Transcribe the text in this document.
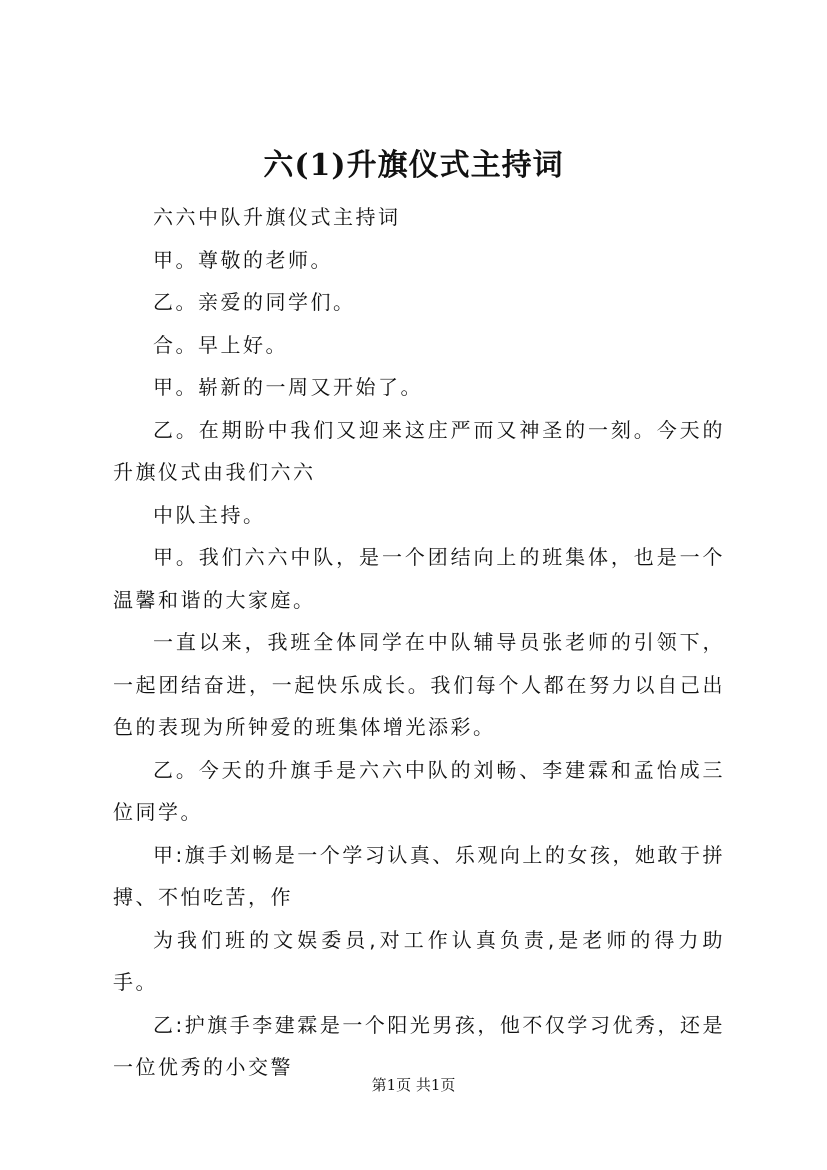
六(1)升旗仪式主持词

六六中队升旗仪式主持词

甲。尊敬的老师。

乙。亲爱的同学们。

合。早上好。

甲。崭新的一周又开始了。

乙。在期盼中我们又迎来这庄严而又神圣的一刻。今天的升旗仪式由我们六六

中队主持。

甲。我们六六中队，是一个团结向上的班集体，也是一个温馨和谐的大家庭。

一直以来，我班全体同学在中队辅导员张老师的引领下，一起团结奋进，一起快乐成长。我们每个人都在努力以自己出色的表现为所钟爱的班集体增光添彩。

乙。今天的升旗手是六六中队的刘畅、李建霖和孟怡成三位同学。

甲:旗手刘畅是一个学习认真、乐观向上的女孩，她敢于拼搏、不怕吃苦，作

为我们班的文娱委员,对工作认真负责,是老师的得力助手。

乙:护旗手李建霖是一个阳光男孩，他不仅学习优秀，还是一位优秀的小交警

第1页 共1页
